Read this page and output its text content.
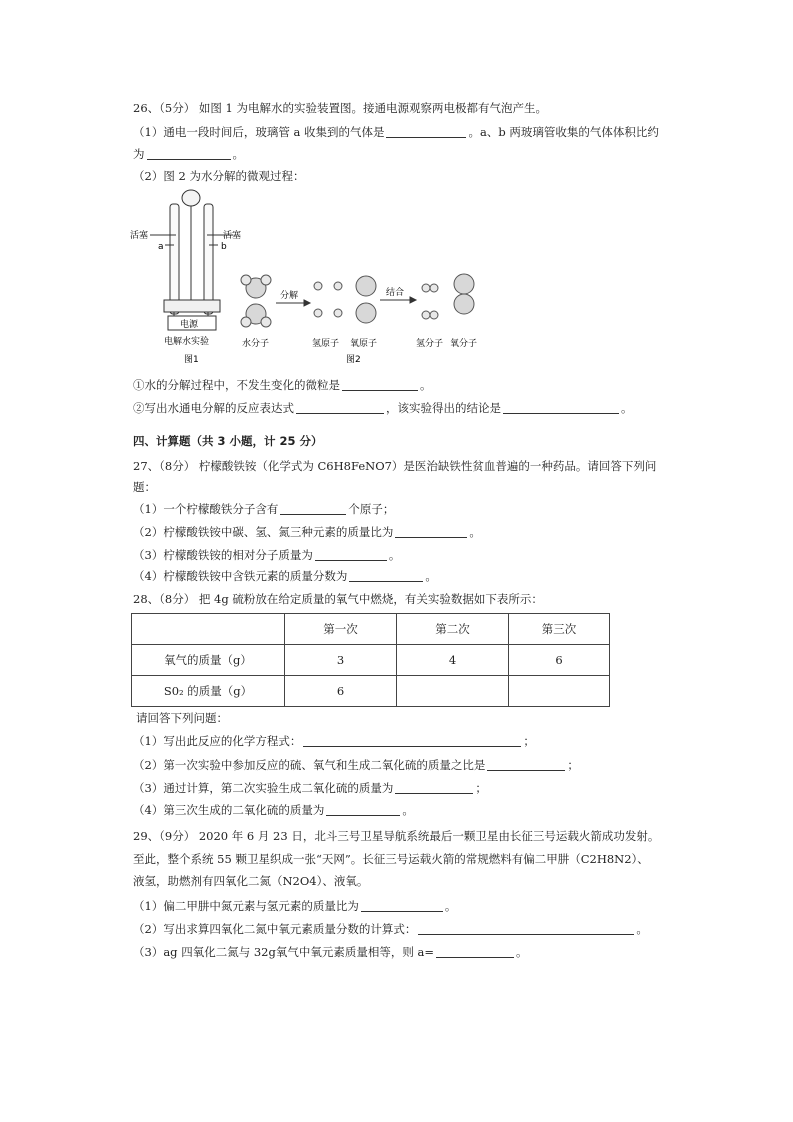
26、（5分） 如图 1 为电解水的实验装置图。接通电源观察两电极都有气泡产生。
（1）通电一段时间后，玻璃管 a 收集到的气体是	。a、b 两玻璃管收集的气体体积比约
为	。
（2）图 2 为水分解的微观过程：
活塞	活塞
a	b
电源
电解水实验
图1
水分子
分解
氢原子 氧原子
结合
氢分子 氧分子
图2
①水的分解过程中，不发生变化的微粒是	。
②写出水通电分解的反应表达式	，该实验得出的结论是	。
四、计算题（共 3 小题，计 25 分）
27、（8分） 柠檬酸铁铵（化学式为 C6H8FeNO7）是医治缺铁性贫血普遍的一种药品。请回答下列问
题：
（1）一个柠檬酸铁分子含有	个原子；
（2）柠檬酸铁铵中碳、氢、氮三种元素的质量比为	。
（3）柠檬酸铁铵的相对分子质量为	。
（4）柠檬酸铁铵中含铁元素的质量分数为	。
28、（8分） 把 4g 硫粉放在给定质量的氧气中燃烧，有关实验数据如下表所示：
	第一次	第二次	第三次
氧气的质量（g）	3	4	6
S0₂ 的质量（g）	6		
请回答下列问题：
（1）写出此反应的化学方程式：	；
（2）第一次实验中参加反应的硫、氧气和生成二氧化硫的质量之比是	；
（3）通过计算，第二次实验生成二氧化硫的质量为	；
（4）第三次生成的二氧化硫的质量为	。
29、（9分） 2020 年 6 月 23 日，北斗三号卫星导航系统最后一颗卫星由长征三号运载火箭成功发射。
至此，整个系统 55 颗卫星织成一张“天网”。长征三号运载火箭的常规燃料有偏二甲肼（C2H8N2）、
液氢，助燃剂有四氧化二氮（N2O4）、液氧。
（1）偏二甲肼中氮元素与氢元素的质量比为	。
（2）写出求算四氧化二氮中氧元素质量分数的计算式：	。
（3）ag 四氧化二氮与 32g氧气中氧元素质量相等，则 a=	。
